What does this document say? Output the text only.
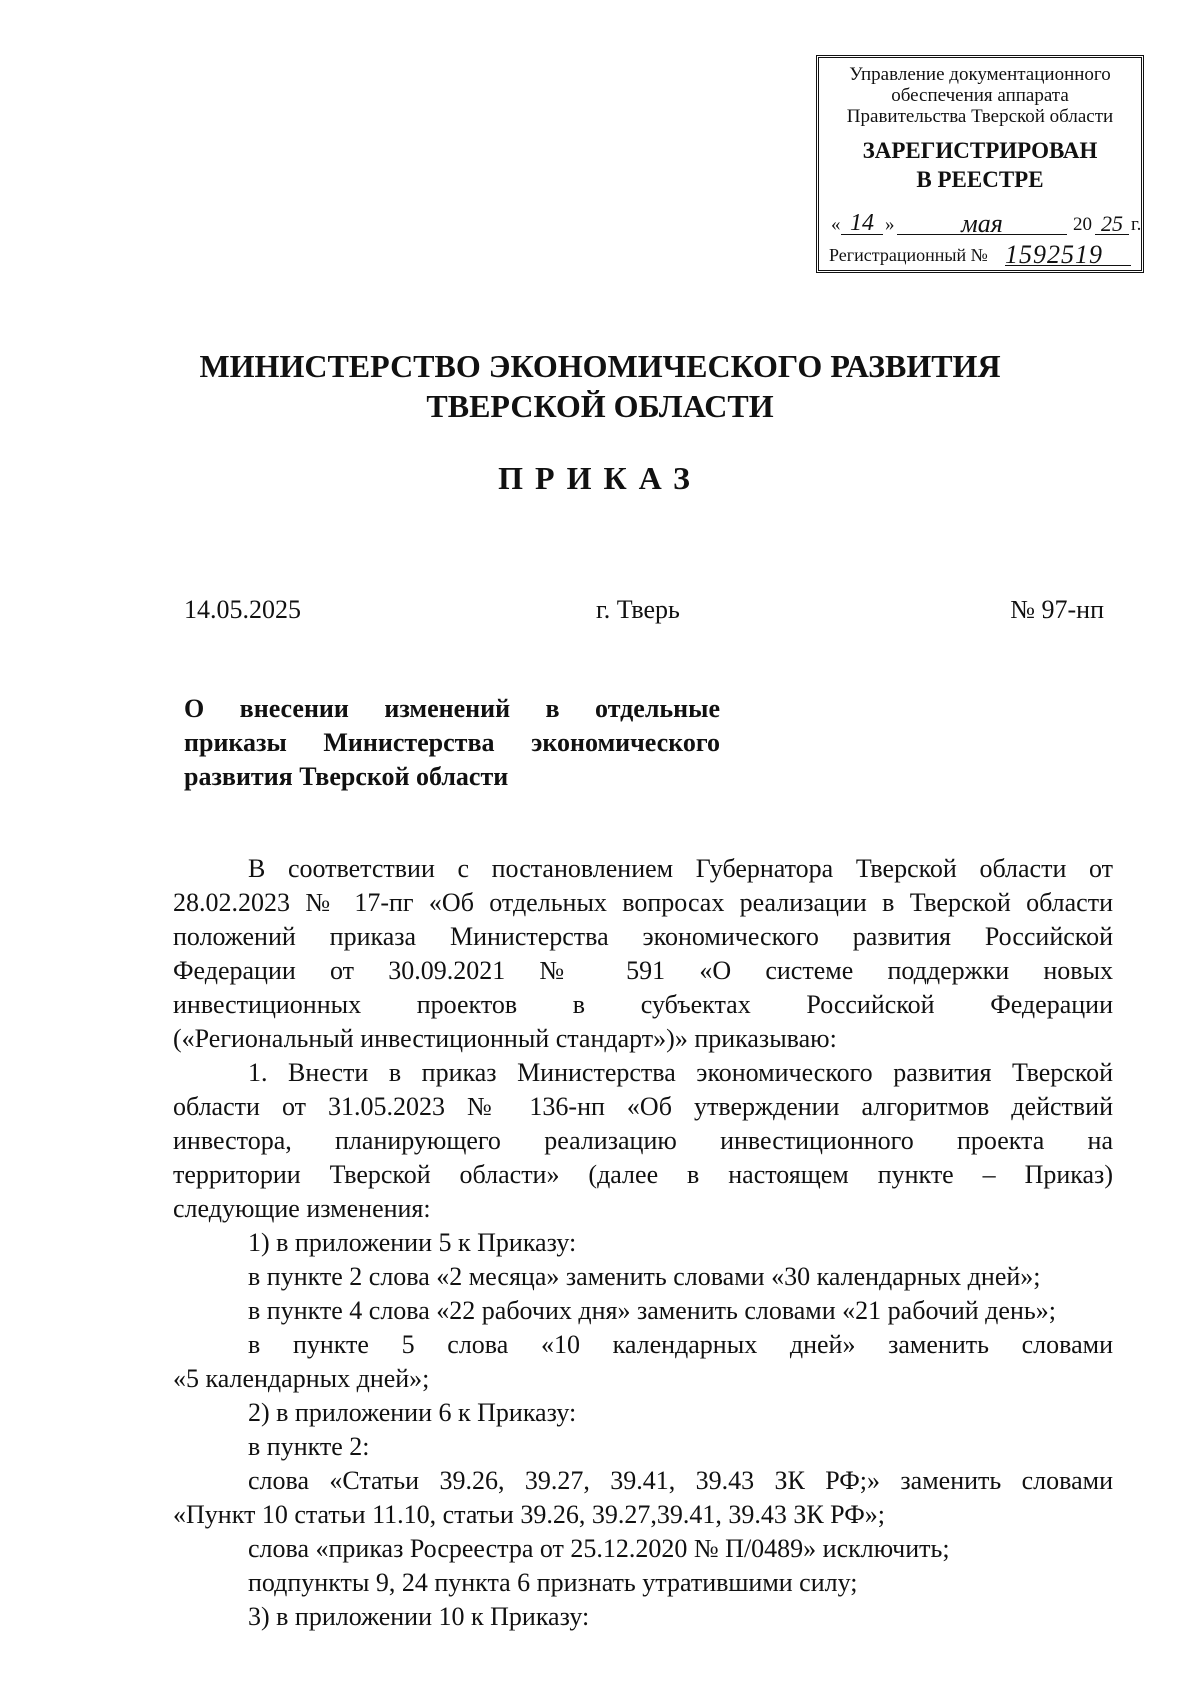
Управление документационного
обеспечения аппарата
Правительства Тверской области
ЗАРЕГИСТРИРОВАН
В РЕЕСТРЕ
« 14 »	мая	20 25 г.
Регистрационный № 1592519
МИНИСТЕРСТВО ЭКОНОМИЧЕСКОГО РАЗВИТИЯ
ТВЕРСКОЙ ОБЛАСТИ
ПРИКАЗ
14.05.2025	г. Тверь	№ 97-нп
О внесении изменений в отдельные
приказы Министерства экономического
развития Тверской области
В соответствии с постановлением Губернатора Тверской области от
28.02.2023 № 17-пг «Об отдельных вопросах реализации в Тверской области
положений приказа Министерства экономического развития Российской
Федерации от 30.09.2021 № 591 «О системе поддержки новых
инвестиционных проектов в субъектах Российской Федерации
(«Региональный инвестиционный стандарт»)» приказываю:
1. Внести в приказ Министерства экономического развития Тверской
области от 31.05.2023 № 136-нп «Об утверждении алгоритмов действий
инвестора, планирующего реализацию инвестиционного проекта на
территории Тверской области» (далее в настоящем пункте – Приказ)
следующие изменения:
1) в приложении 5 к Приказу:
в пункте 2 слова «2 месяца» заменить словами «30 календарных дней»;
в пункте 4 слова «22 рабочих дня» заменить словами «21 рабочий день»;
в пункте 5 слова «10 календарных дней» заменить словами
«5 календарных дней»;
2) в приложении 6 к Приказу:
в пункте 2:
слова «Статьи 39.26, 39.27, 39.41, 39.43 ЗК РФ;» заменить словами
«Пункт 10 статьи 11.10, статьи 39.26, 39.27,39.41, 39.43 ЗК РФ»;
слова «приказ Росреестра от 25.12.2020 № П/0489» исключить;
подпункты 9, 24 пункта 6 признать утратившими силу;
3) в приложении 10 к Приказу:
